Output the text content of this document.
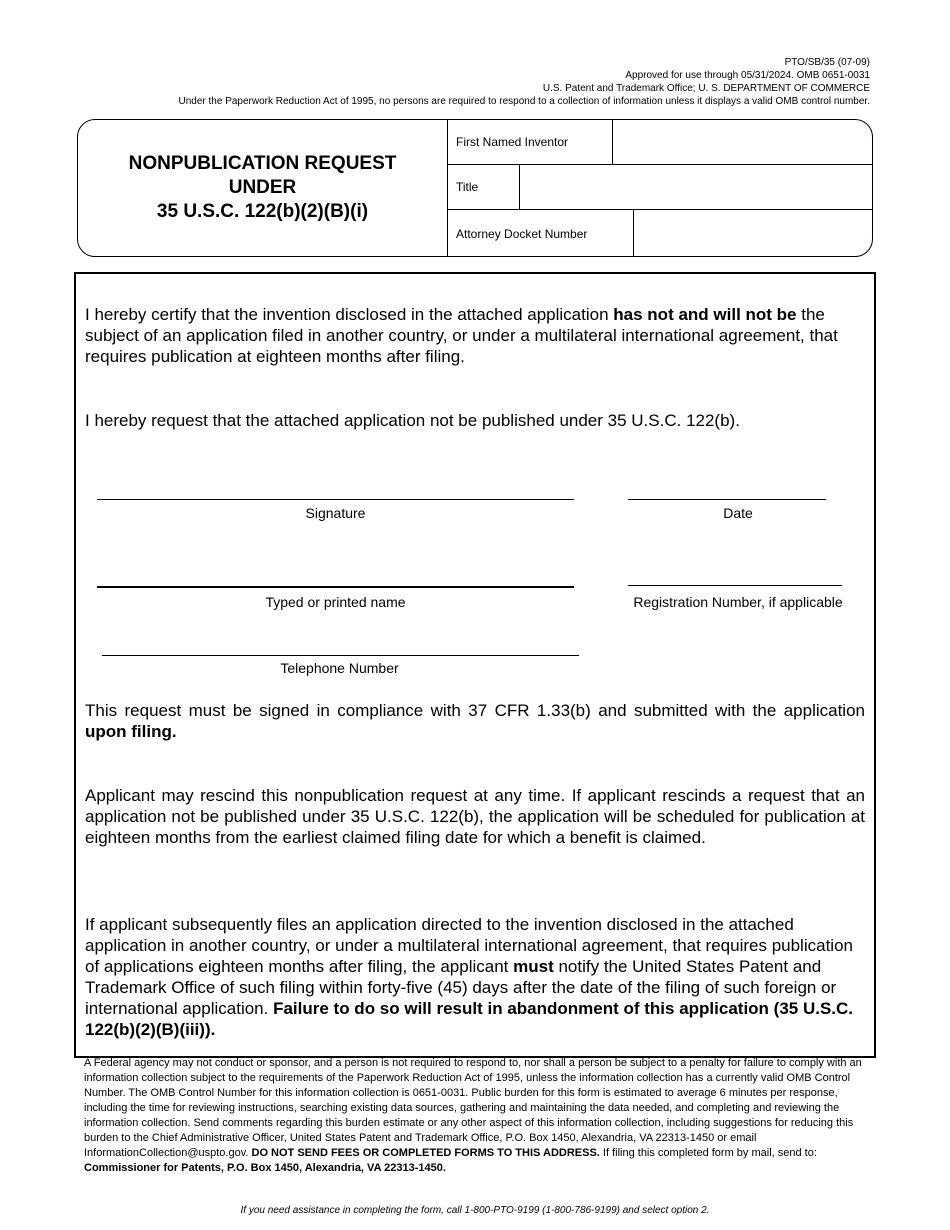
PTO/SB/35 (07-09)
Approved for use through 05/31/2024. OMB 0651-0031
U.S. Patent and Trademark Office; U. S. DEPARTMENT OF COMMERCE
Under the Paperwork Reduction Act of 1995, no persons are required to respond to a collection of information unless it displays a valid OMB control number.
NONPUBLICATION REQUEST
UNDER
35 U.S.C. 122(b)(2)(B)(i)
First Named Inventor
Title
Attorney Docket Number

I hereby certify that the invention disclosed in the attached application has not and will not be the subject of an application filed in another country, or under a multilateral international agreement, that requires publication at eighteen months after filing.

I hereby request that the attached application not be published under 35 U.S.C. 122(b).

Signature	Date
Typed or printed name	Registration Number, if applicable
Telephone Number

This request must be signed in compliance with 37 CFR 1.33(b) and submitted with the application upon filing.

Applicant may rescind this nonpublication request at any time. If applicant rescinds a request that an application not be published under 35 U.S.C. 122(b), the application will be scheduled for publication at eighteen months from the earliest claimed filing date for which a benefit is claimed.

If applicant subsequently files an application directed to the invention disclosed in the attached application in another country, or under a multilateral international agreement, that requires publication of applications eighteen months after filing, the applicant must notify the United States Patent and Trademark Office of such filing within forty-five (45) days after the date of the filing of such foreign or international application. Failure to do so will result in abandonment of this application (35 U.S.C. 122(b)(2)(B)(iii)).

A Federal agency may not conduct or sponsor, and a person is not required to respond to, nor shall a person be subject to a penalty for failure to comply with an information collection subject to the requirements of the Paperwork Reduction Act of 1995, unless the information collection has a currently valid OMB Control Number. The OMB Control Number for this information collection is 0651-0031. Public burden for this form is estimated to average 6 minutes per response, including the time for reviewing instructions, searching existing data sources, gathering and maintaining the data needed, and completing and reviewing the information collection. Send comments regarding this burden estimate or any other aspect of this information collection, including suggestions for reducing this burden to the Chief Administrative Officer, United States Patent and Trademark Office, P.O. Box 1450, Alexandria, VA 22313-1450 or email InformationCollection@uspto.gov. DO NOT SEND FEES OR COMPLETED FORMS TO THIS ADDRESS. If filing this completed form by mail, send to: Commissioner for Patents, P.O. Box 1450, Alexandria, VA 22313-1450.

If you need assistance in completing the form, call 1-800-PTO-9199 (1-800-786-9199) and select option 2.
